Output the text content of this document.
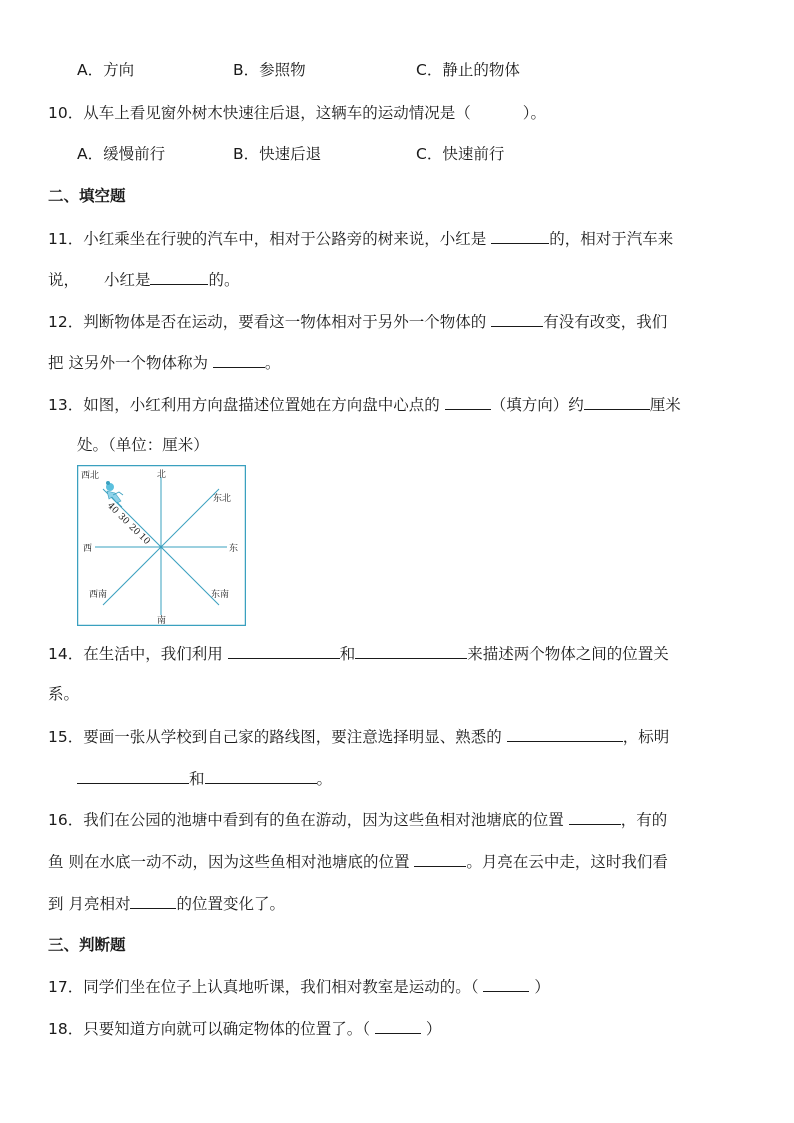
A．方向	B．参照物	C．静止的物体
10．从车上看见窗外树木快速往后退，这辆车的运动情况是（	）。
A．缓慢前行	B．快速后退	C．快速前行
二、填空题
11．小红乘坐在行驶的汽车中，相对于公路旁的树来说，小红是	的，相对于汽车来
说， 小红是	的。
12．判断物体是否在运动，要看这一物体相对于另外一个物体的	有没有改变，我们
把 这另外一个物体称为	。
13．如图，小红利用方向盘描述位置她在方向盘中心点的	（填方向）约	厘米
处。（单位：厘米）
北
南
东
西
东北
西北
东南
西南
40
30
20
10
14．在生活中，我们利用	和	来描述两个物体之间的位置关
系。
15．要画一张从学校到自己家的路线图，要注意选择明显、熟悉的	，标明
和	。
16．我们在公园的池塘中看到有的鱼在游动，因为这些鱼相对池塘底的位置	，有的
鱼 则在水底一动不动，因为这些鱼相对池塘底的位置	。月亮在云中走，这时我们看
到 月亮相对	的位置变化了。
三、判断题
17．同学们坐在位子上认真地听课，我们相对教室是运动的。（	）
18．只要知道方向就可以确定物体的位置了。（	）
